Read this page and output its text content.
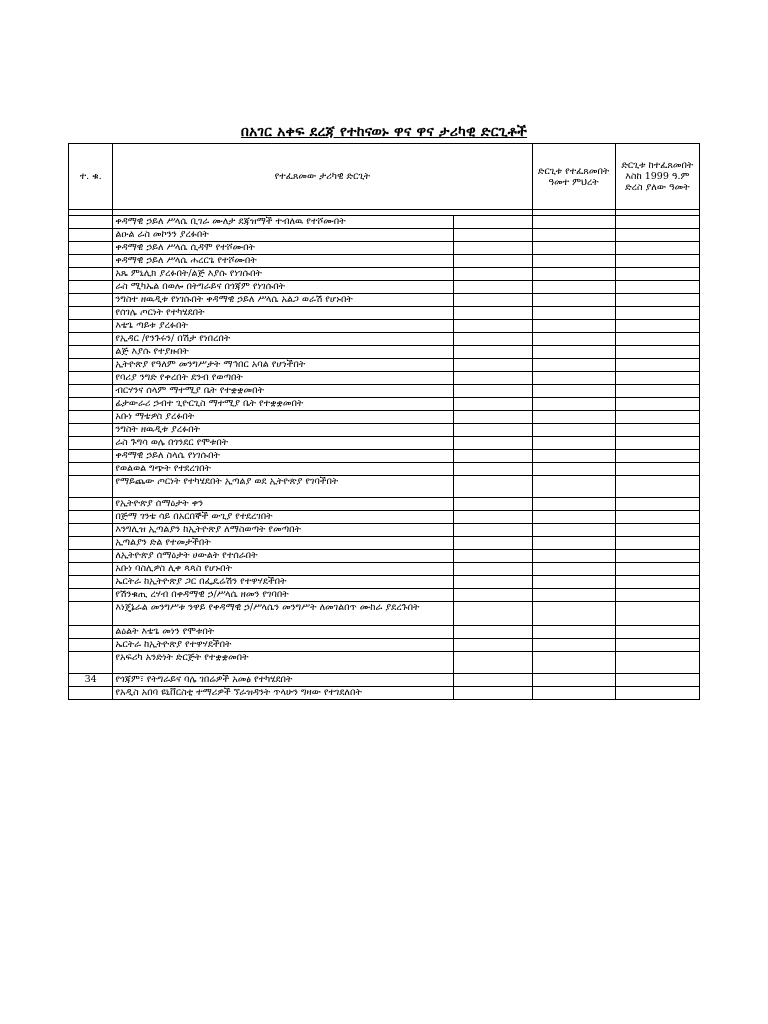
በአገር አቀፍ ደረጃ የተከናወኑ ዋና ዋና ታሪካዊ ድርጊቶች
ተ. ቁ.	የተፈጸመው ታሪካዊ ድርጊት		ድርጊቱ የተፈጸመበት ዓመተ ምህረት	ድርጊቱ ከተፈጸመበት እስከ 1999 ዓ.ም ድረስ ያለው ዓመት

	ቀዳማዊ ኃይለ ሥላሴ ቢገራ ሙለታ ደጃዝማች ተብለዉ የተሾሙበት			
	ልዑል ራስ መኮንን ያረፉበት			
	ቀዳማዊ ኃይለ ሥላሴ ሲዳሞ የተሾሙበት			
	ቀዳማዊ ኃይለ ሥላሴ ሐረርጌ የተሾሙበት			
	አጼ ምኒሊክ ያረፉበት/ልጅ እያሱ የነገሱበት			
	ራስ ሚካኤል በወሎ በትግራይና በጎጃም የነገሱበት			
	ንግስተ ዘዉዲቱ የነገሱበት ቀዳማዊ ኃይለ ሥላሴ አልጋ ወራሽ የሆኑበት			
	የሰገሌ ጦርነት የተካሄደበት			
	እቴጌ ጣይቱ ያረፉበት			
	የኢዳር /የንጉሩን/ በሽታ የነበረበት			
	ልጅ እያሱ የተያዙበት			
	ኢትዮጵያ የዓለም መንግሥታት ማኅበር አባል የሆነችበት			
	የባሪያ ንግድ የቀረበት ደንብ የወጣበት			
	ብርሃንና ሰላም ማተሚያ ቤት የተቋቋመበት			
	ፊታውራሪ ኃብተ ጊዮርጊስ ማተሚያ ቤት የተቋቋመበት			
	አቡነ ማቴዎስ ያረፉበት			
	ንግስት ዘዉዲቱ ያረፉበት			
	ራስ ጉግሳ ወሌ በጎንደር የሞቱበት			
	ቀዳማዊ ኃይለ ስላሴ የነገሱበት			
	የወልወል ግጭት የተደረገበት			
	የማይጨው ጦርነት የተካሄደበት ኢጣልያ ወደ ኢትዮጵያ የገባችበት			
	የኢትዮጵያ ሰማዕታት ቀን			
	በጅማ ገንቴ ሳይ በአርበኞች ውጊያ የተደረገበት			
	እንግሊዝ ኢጣልያን ከኢትዮጵያ ለማስወጣት የመጣበት			
	ኢጣልያን ድል የተመታችበት			
	ለኢትዮጵያ ሰማዕታት ሀውልት የተሰራበት			
	አቡነ ባስሊዎስ ሊቀ ጳጳስ የሆኑበት			
	ኤርትራ ከኢትዮጵያ ጋር በፌዴሬሽን የተዋሃደችበት			
	የሽንቁጢ ረሃብ በቀዳማዊ ኃ/ሥላሴ ዘመን የገባበት			
	እነጄኔራል መንግሥቱ ንዋይ የቀዳማዊ ኃ/ሥላሴን መንግሥት ለመገልበጥ ሙከራ ያደረጉበት			
	ልዕልት እቴጌ መነን የሞቱበት			
	ኤርትራ ከኢትዮጵያ የተዋሃደችበት			
	የአፍሪካ አንድነት ድርጅት የተቋቋመበት			
34	የጎጃም፣ የትግራይና ባሌ ገበሬዎች አመፅ የተካሄደበት			
	የአዲስ አበባ ዩኒቨርስቲ ተማሪዎች ኘራዝዳንት ጥላሁን ግዛው የተገደለበት			
